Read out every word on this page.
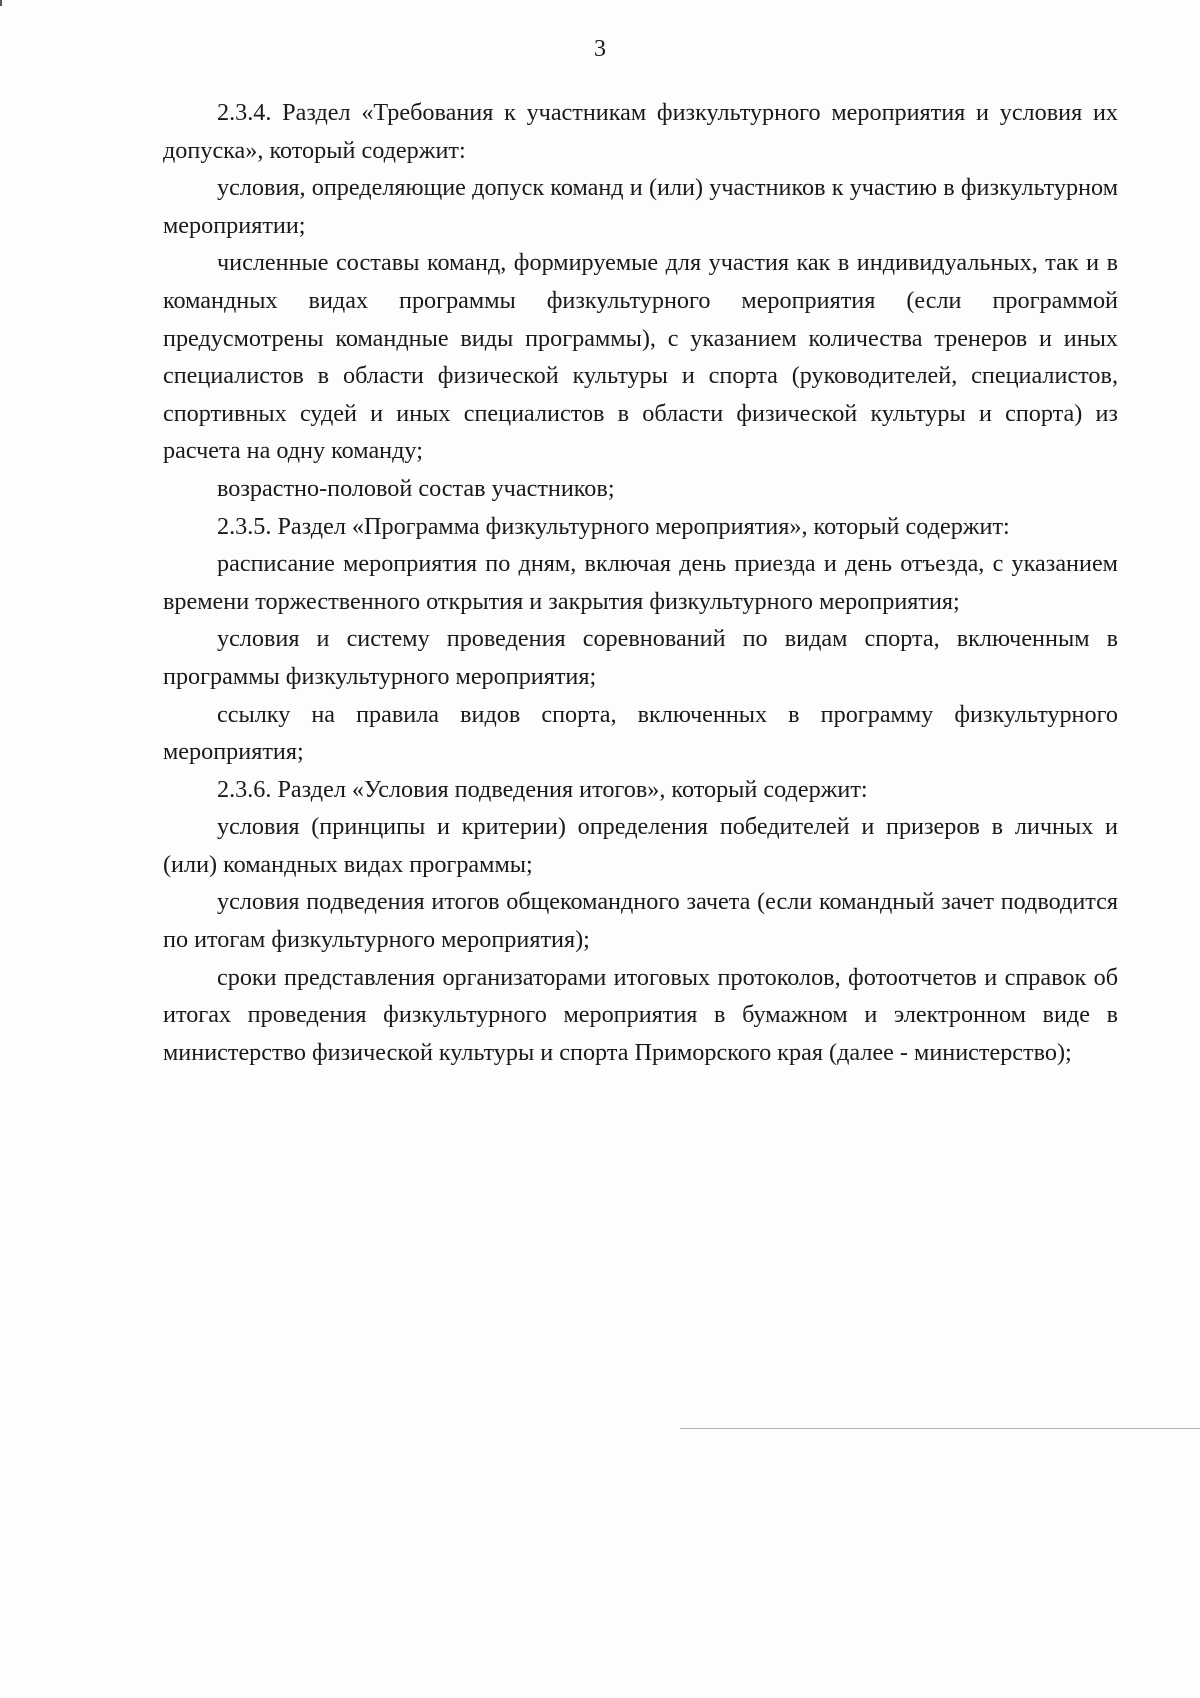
3

2.3.4. Раздел «Требования к участникам физкультурного мероприятия и условия их допуска», который содержит:

условия, определяющие допуск команд и (или) участников к участию в физкультурном мероприятии;

численные составы команд, формируемые для участия как в индивидуальных, так и в командных видах программы физкультурного мероприятия (если программой предусмотрены командные виды программы), с указанием количества тренеров и иных специалистов в области физической культуры и спорта (руководителей, специалистов, спортивных судей и иных специалистов в области физической культуры и спорта) из расчета на одну команду;

возрастно-половой состав участников;

2.3.5. Раздел «Программа физкультурного мероприятия», который содержит:

расписание мероприятия по дням, включая день приезда и день отъезда, с указанием времени торжественного открытия и закрытия физкультурного мероприятия;

условия и систему проведения соревнований по видам спорта, включенным в программы физкультурного мероприятия;

ссылку на правила видов спорта, включенных в программу физкультурного мероприятия;

2.3.6. Раздел «Условия подведения итогов», который содержит:

условия (принципы и критерии) определения победителей и призеров в личных и (или) командных видах программы;

условия подведения итогов общекомандного зачета (если командный зачет подводится по итогам физкультурного мероприятия);

сроки представления организаторами итоговых протоколов, фотоотчетов и справок об итогах проведения физкультурного мероприятия в бумажном и электронном виде в министерство физической культуры и спорта Приморского края (далее - министерство);
